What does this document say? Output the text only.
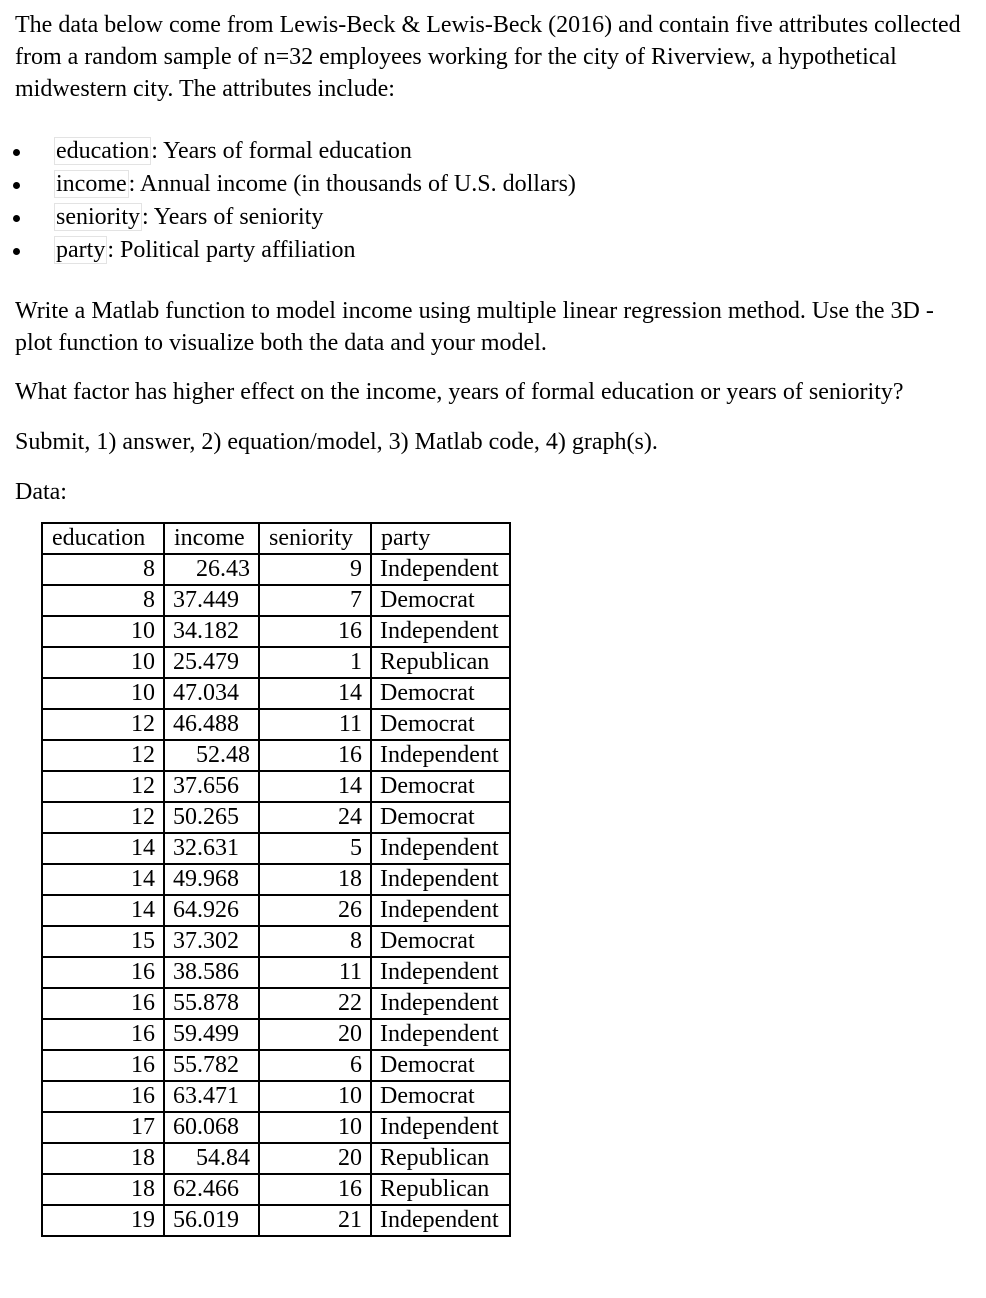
The data below come from Lewis-Beck & Lewis-Beck (2016) and contain five attributes collected from a random sample of n=32 employees working for the city of Riverview, a hypothetical midwestern city. The attributes include:

education: Years of formal education
income: Annual income (in thousands of U.S. dollars)
seniority: Years of seniority
party: Political party affiliation

Write a Matlab function to model income using multiple linear regression method. Use the 3D - plot function to visualize both the data and your model.

What factor has higher effect on the income, years of formal education or years of seniority?

Submit, 1) answer, 2) equation/model, 3) Matlab code, 4) graph(s).

Data:

education	income	seniority	party
8	26.43	9	Independent
8	37.449	7	Democrat
10	34.182	16	Independent
10	25.479	1	Republican
10	47.034	14	Democrat
12	46.488	11	Democrat
12	52.48	16	Independent
12	37.656	14	Democrat
12	50.265	24	Democrat
14	32.631	5	Independent
14	49.968	18	Independent
14	64.926	26	Independent
15	37.302	8	Democrat
16	38.586	11	Independent
16	55.878	22	Independent
16	59.499	20	Independent
16	55.782	6	Democrat
16	63.471	10	Democrat
17	60.068	10	Independent
18	54.84	20	Republican
18	62.466	16	Republican
19	56.019	21	Independent
